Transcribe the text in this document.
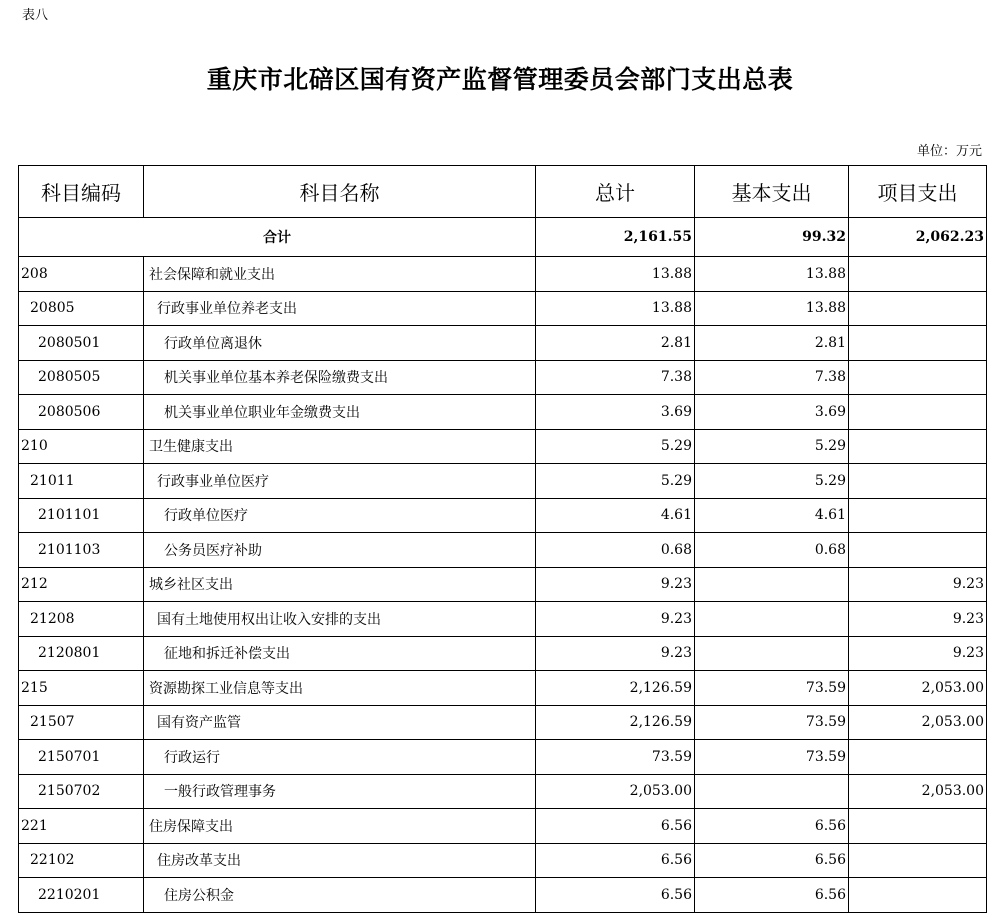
表八
重庆市北碚区国有资产监督管理委员会部门支出总表
单位：万元
科目编码	科目名称	总计	基本支出	项目支出
合计		2,161.55	99.32	2,062.23
208	社会保障和就业支出	13.88	13.88	
20805	行政事业单位养老支出	13.88	13.88	
2080501	行政单位离退休	2.81	2.81	
2080505	机关事业单位基本养老保险缴费支出	7.38	7.38	
2080506	机关事业单位职业年金缴费支出	3.69	3.69	
210	卫生健康支出	5.29	5.29	
21011	行政事业单位医疗	5.29	5.29	
2101101	行政单位医疗	4.61	4.61	
2101103	公务员医疗补助	0.68	0.68	
212	城乡社区支出	9.23		9.23
21208	国有土地使用权出让收入安排的支出	9.23		9.23
2120801	征地和拆迁补偿支出	9.23		9.23
215	资源勘探工业信息等支出	2,126.59	73.59	2,053.00
21507	国有资产监管	2,126.59	73.59	2,053.00
2150701	行政运行	73.59	73.59	
2150702	一般行政管理事务	2,053.00		2,053.00
221	住房保障支出	6.56	6.56	
22102	住房改革支出	6.56	6.56	
2210201	住房公积金	6.56	6.56	
